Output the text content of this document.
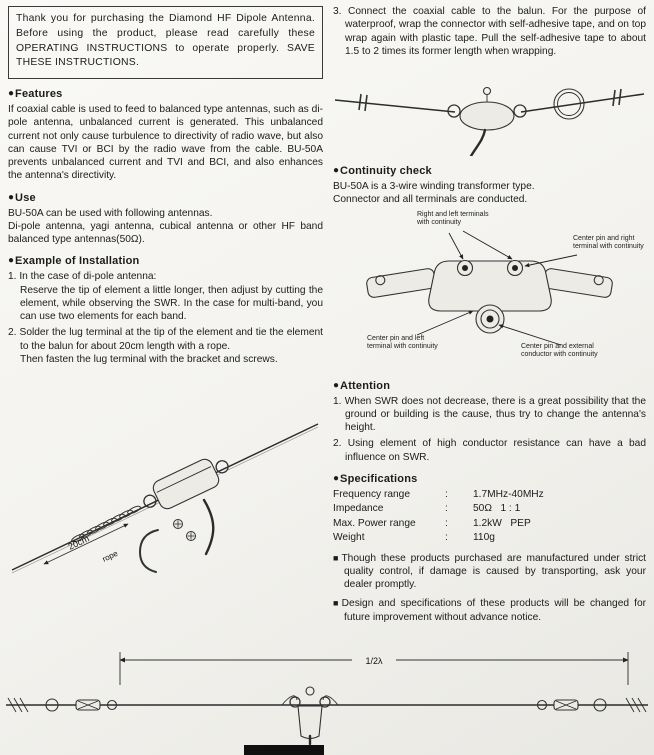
Thank you for purchasing the Diamond HF Dipole Antenna. Before using the product, please read carefully these OPERATING INSTRUCTIONS to operate properly. SAVE THESE INSTRUCTIONS.

●Features

If coaxial cable is used to feed to balanced type antennas, such as di-pole antenna, unbalanced current is generated. This unbalanced current not only cause turbulence to directivity of radio wave, but also can cause TVI or BCI by the radio wave from the cable. BU-50A prevents unbalanced current and TVI and BCI, and also enhances the antenna's directivity.

●Use

BU-50A can be used with following antennas.

Di-pole antenna, yagi antenna, cubical antenna or other HF band balanced type antennas(50Ω).

●Example of Installation

1. In the case of di-pole antenna:

Reserve the tip of element a little longer, then adjust by cutting the element, while observing the SWR. In the case for multi-band, you can use two elements for each band.

2. Solder the lug terminal at the tip of the element and tie the element to the balun for about 20cm length with a rope.

Then fasten the lug terminal with the bracket and screws.

20cm
rope

3. Connect the coaxial cable to the balun. For the purpose of waterproof, wrap the connector with self-adhesive tape, and on top wrap again with plastic tape. Pull the self-adhesive tape to about 1.5 to 2 times its former length when wrapping.

●Continuity check

BU-50A is a 3-wire winding transformer type.

Connector and all terminals are conducted.

Right and left terminals with continuity
Center pin and right terminal with continuity
Center pin and left terminal with continuity	Center pin and external conductor with continuity
●Attention

1. When SWR does not decrease, there is a great possibility that the ground or building is the cause, thus try to change the antenna's height.

2. Using element of high conductor resistance can have a bad influence on SWR.

●Specifications
Frequency range	:	1.7MHz-40MHz
Impedance	:	50Ω   1 : 1
Max. Power range	:	1.2kW   PEP
Weight	:	110g

■Though these products purchased are manufactured under strict quality control, if damage is caused by transporting, ask your dealer promptly.

■Design and specifications of these products will be changed for future improvement without advance notice.

1/2λ
